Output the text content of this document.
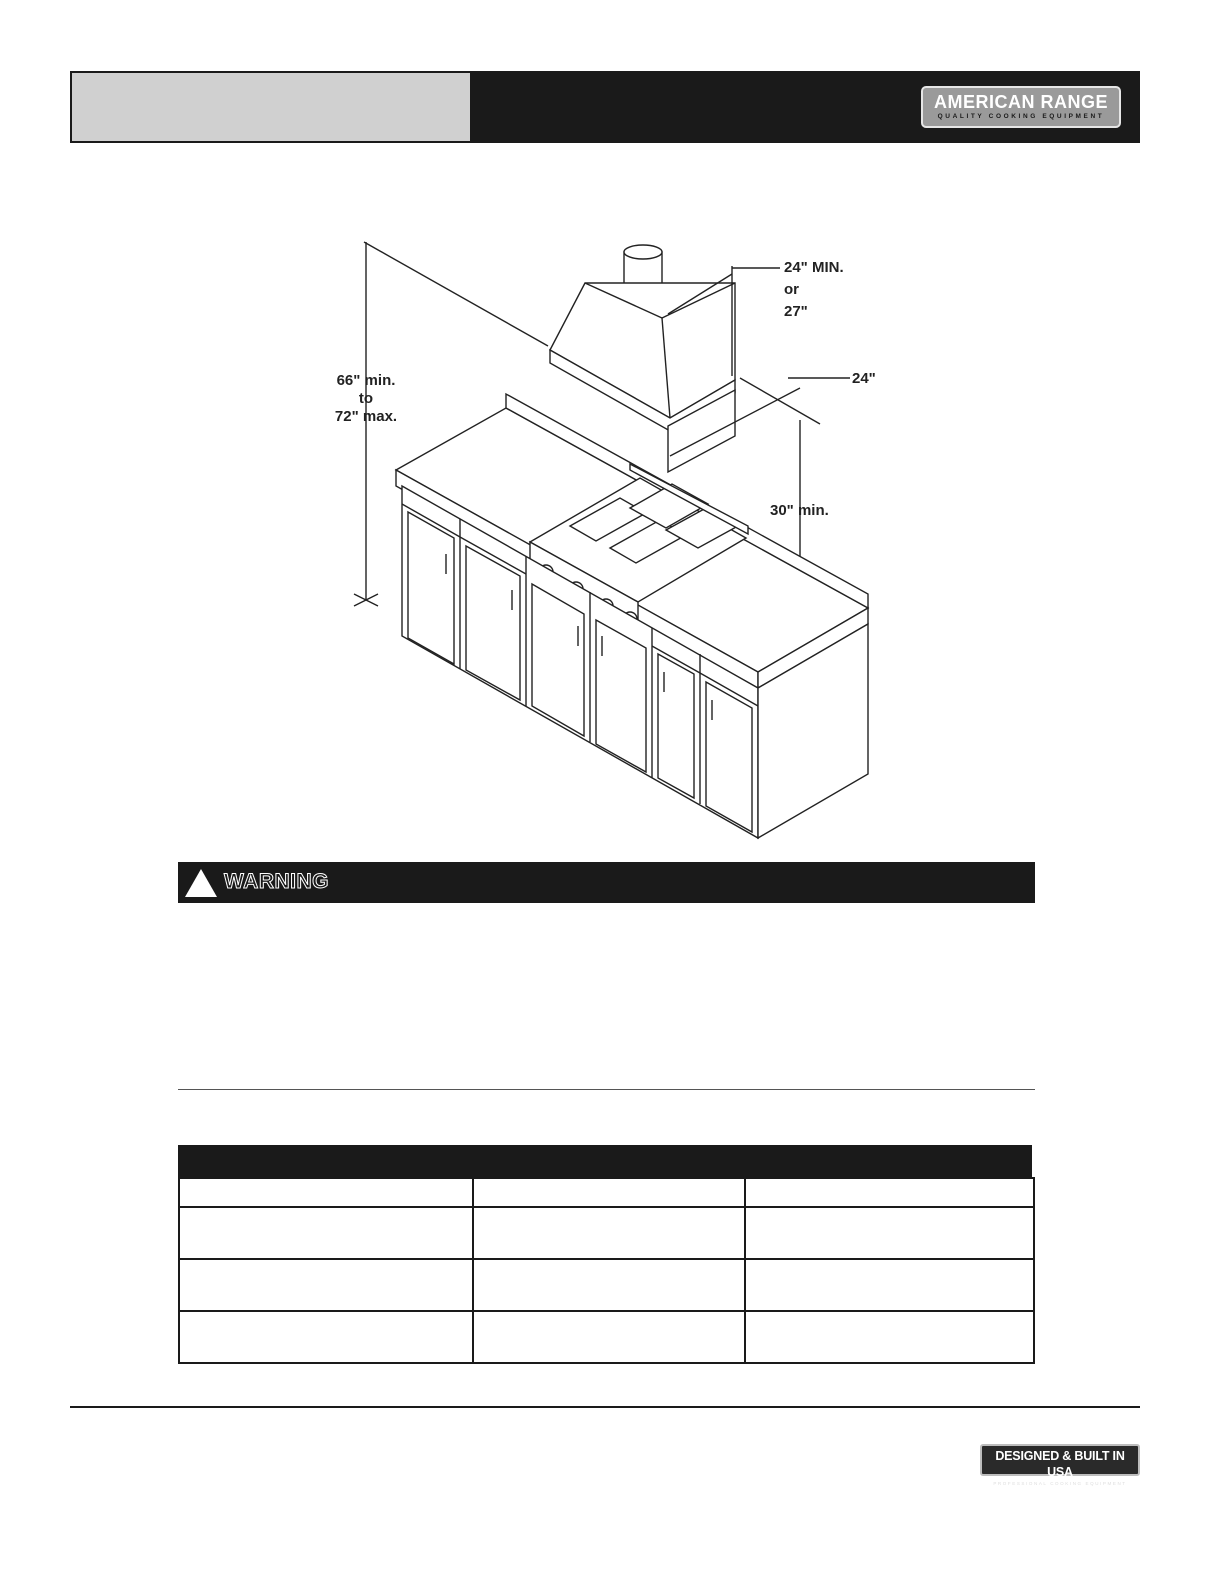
AMERICAN RANGE
QUALITY COOKING EQUIPMENT
24" MIN.
or
27"
24"
66" min.
to
72" max.
30" min.
WARNING

DESIGNED & BUILT IN USA
PROFESSIONAL COOKING EQUIPMENT
